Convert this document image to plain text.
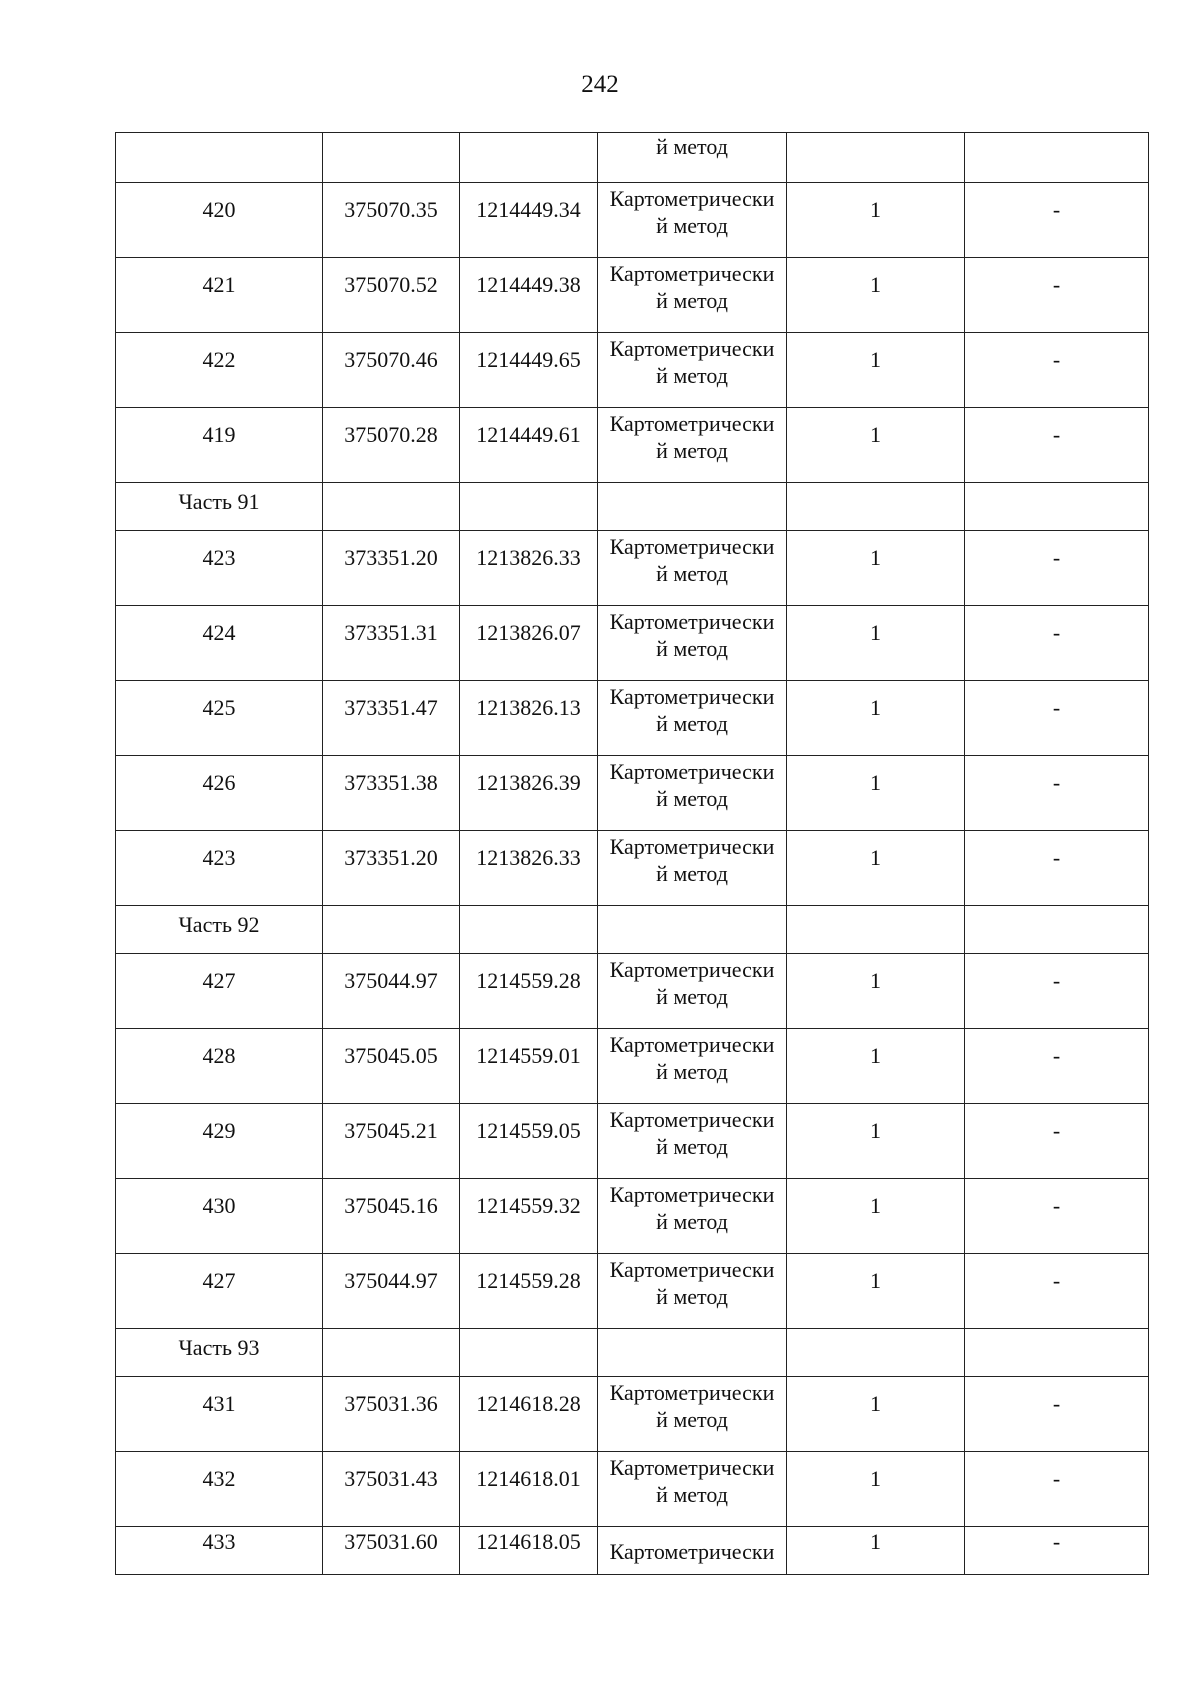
242

			й метод		

420	375070.35	1214449.34	Картометрически
й метод	1	-
421	375070.52	1214449.38	Картометрически
й метод	1	-
422	375070.46	1214449.65	Картометрически
й метод	1	-
419	375070.28	1214449.61	Картометрически
й метод	1	-
Часть 91					
423	373351.20	1213826.33	Картометрически
й метод	1	-
424	373351.31	1213826.07	Картометрически
й метод	1	-
425	373351.47	1213826.13	Картометрически
й метод	1	-
426	373351.38	1213826.39	Картометрически
й метод	1	-
423	373351.20	1213826.33	Картометрически
й метод	1	-
Часть 92					
427	375044.97	1214559.28	Картометрически
й метод	1	-
428	375045.05	1214559.01	Картометрически
й метод	1	-
429	375045.21	1214559.05	Картометрически
й метод	1	-
430	375045.16	1214559.32	Картометрически
й метод	1	-
427	375044.97	1214559.28	Картометрически
й метод	1	-
Часть 93					
431	375031.36	1214618.28	Картометрически
й метод	1	-
432	375031.43	1214618.01	Картометрически
й метод	1	-
433	375031.60	1214618.05	Картометрически	1	-
